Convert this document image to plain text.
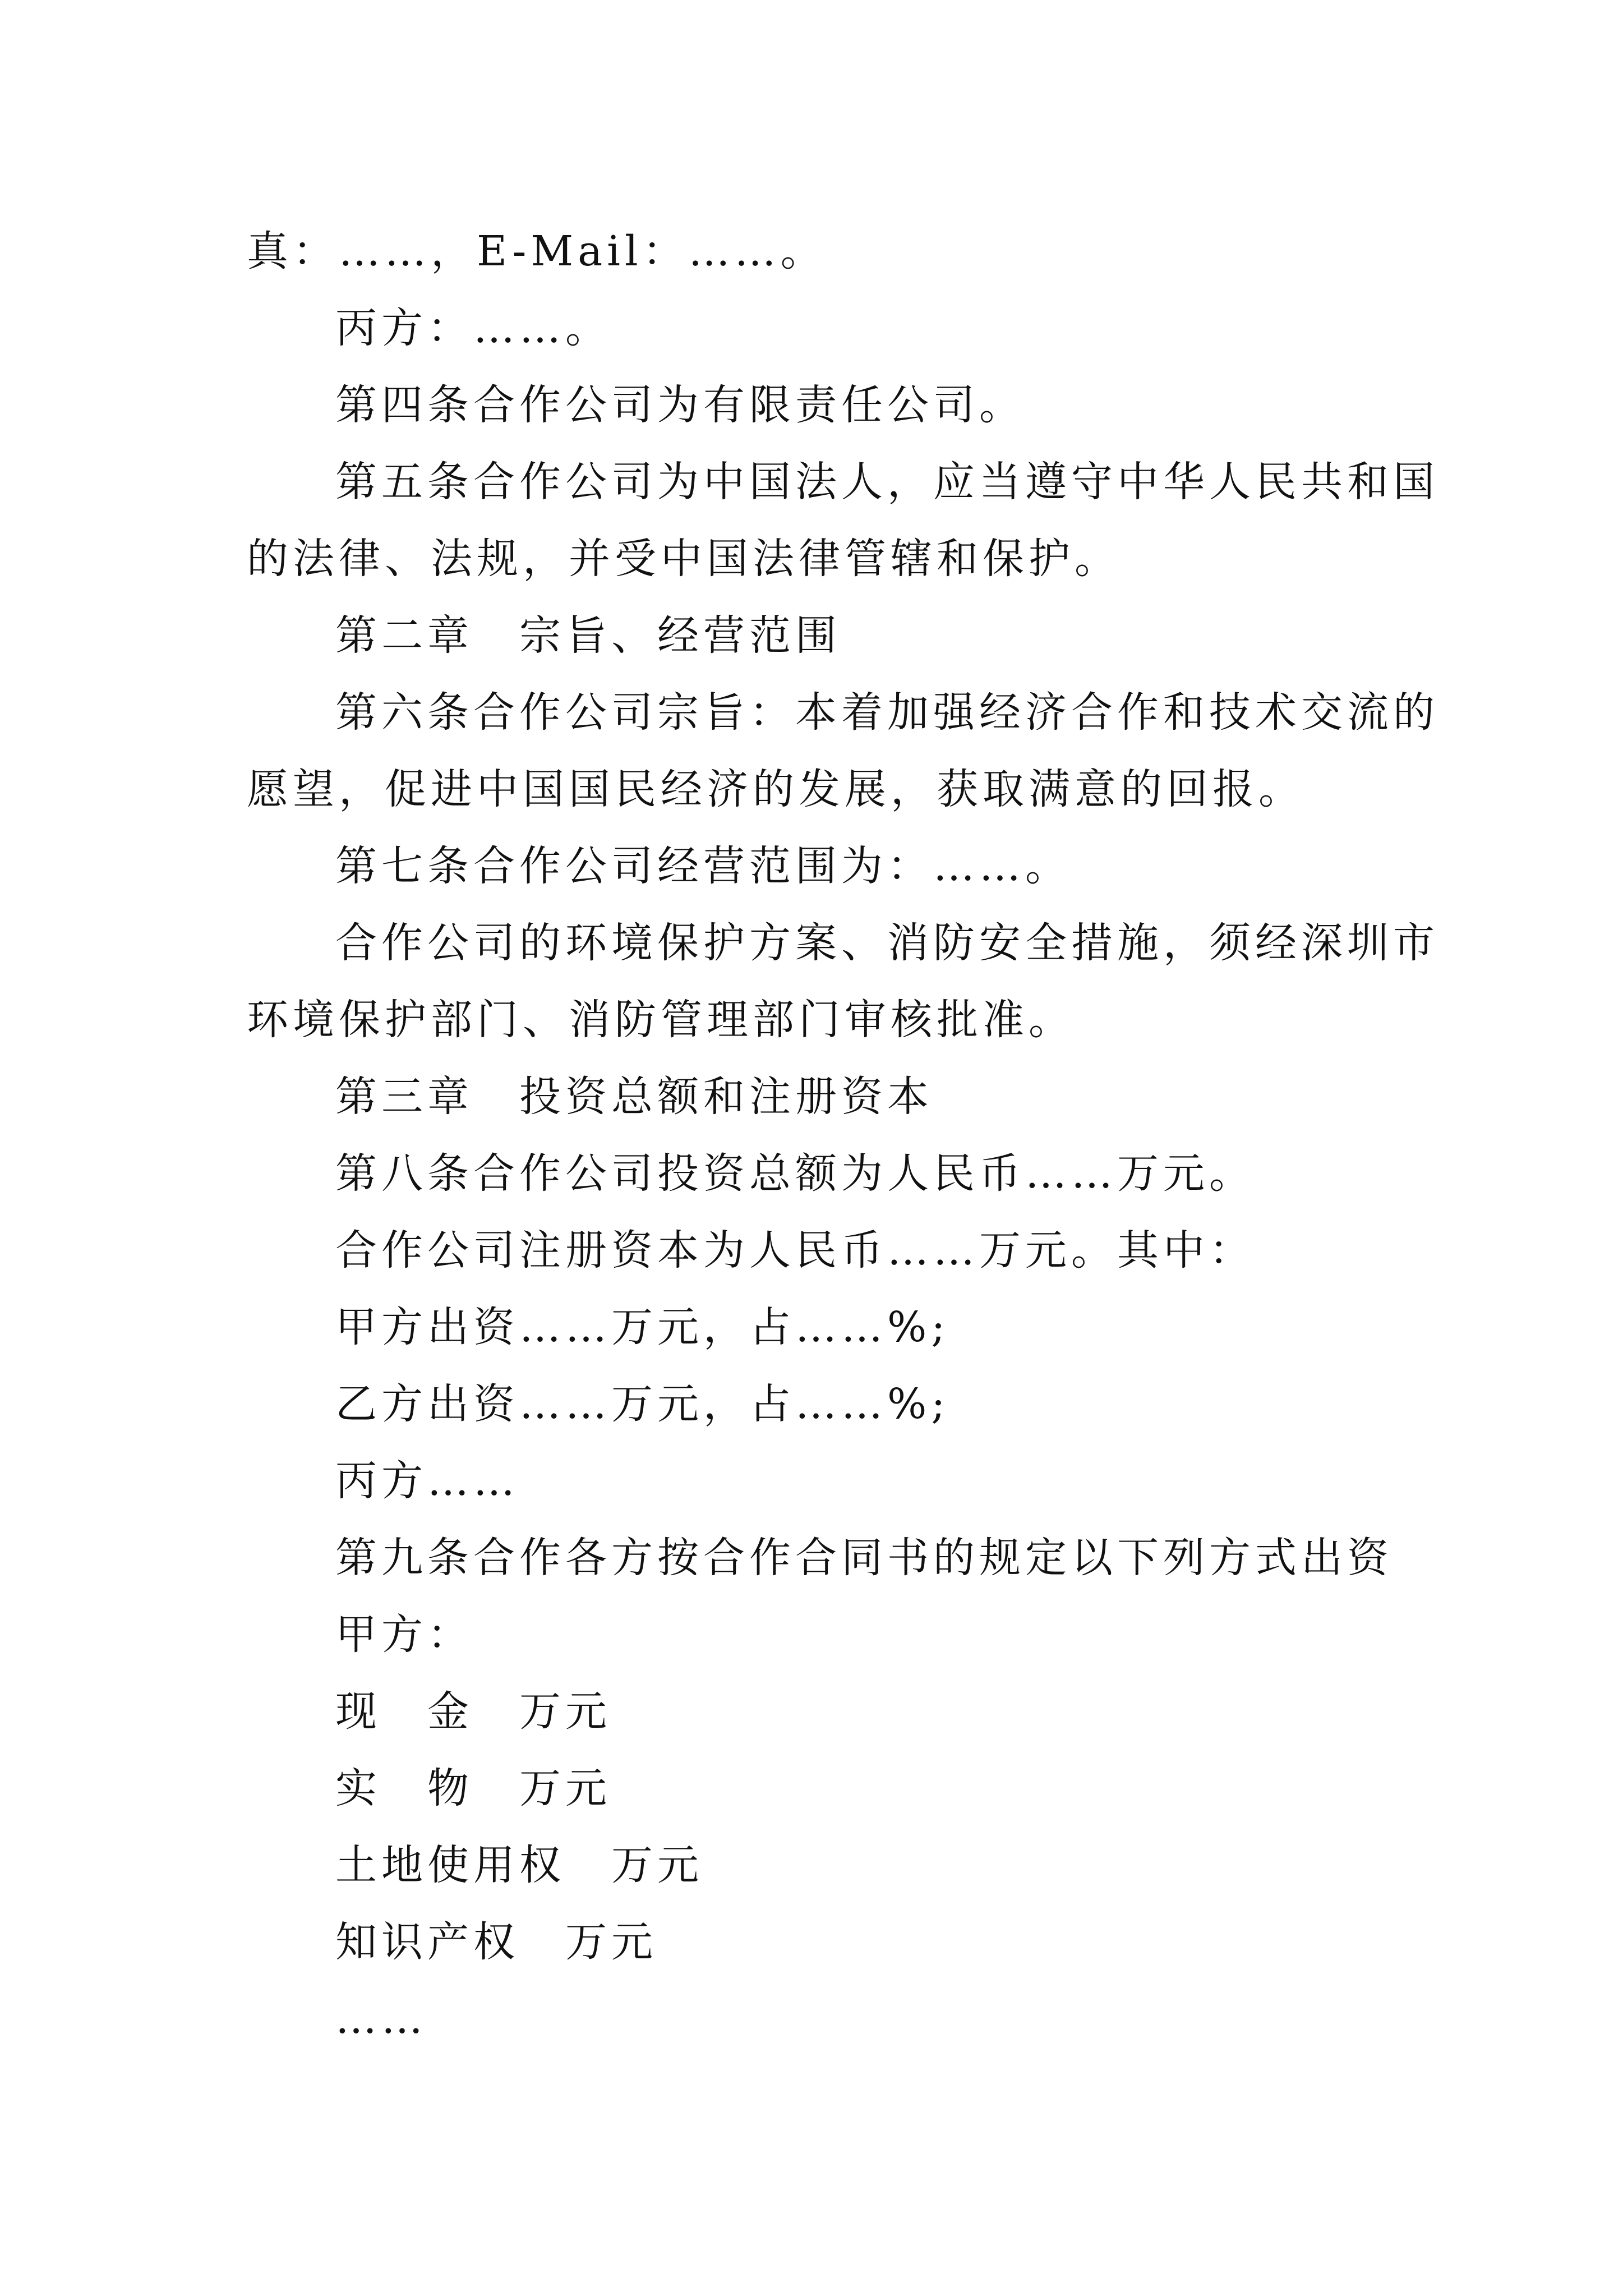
真：……，E-Mail：……。

丙方：……。

第四条合作公司为有限责任公司。

第五条合作公司为中国法人，应当遵守中华人民共和国

的法律、法规，并受中国法律管辖和保护。

第二章　宗旨、经营范围

第六条合作公司宗旨：本着加强经济合作和技术交流的

愿望，促进中国国民经济的发展，获取满意的回报。

第七条合作公司经营范围为：……。

合作公司的环境保护方案、消防安全措施，须经深圳市

环境保护部门、消防管理部门审核批准。

第三章　投资总额和注册资本

第八条合作公司投资总额为人民币……万元。

合作公司注册资本为人民币……万元。其中：

甲方出资……万元，占……%;

乙方出资……万元，占……%;

丙方……

第九条合作各方按合作合同书的规定以下列方式出资

甲方：

现　金　万元

实　物　万元

土地使用权　万元

知识产权　万元

……
